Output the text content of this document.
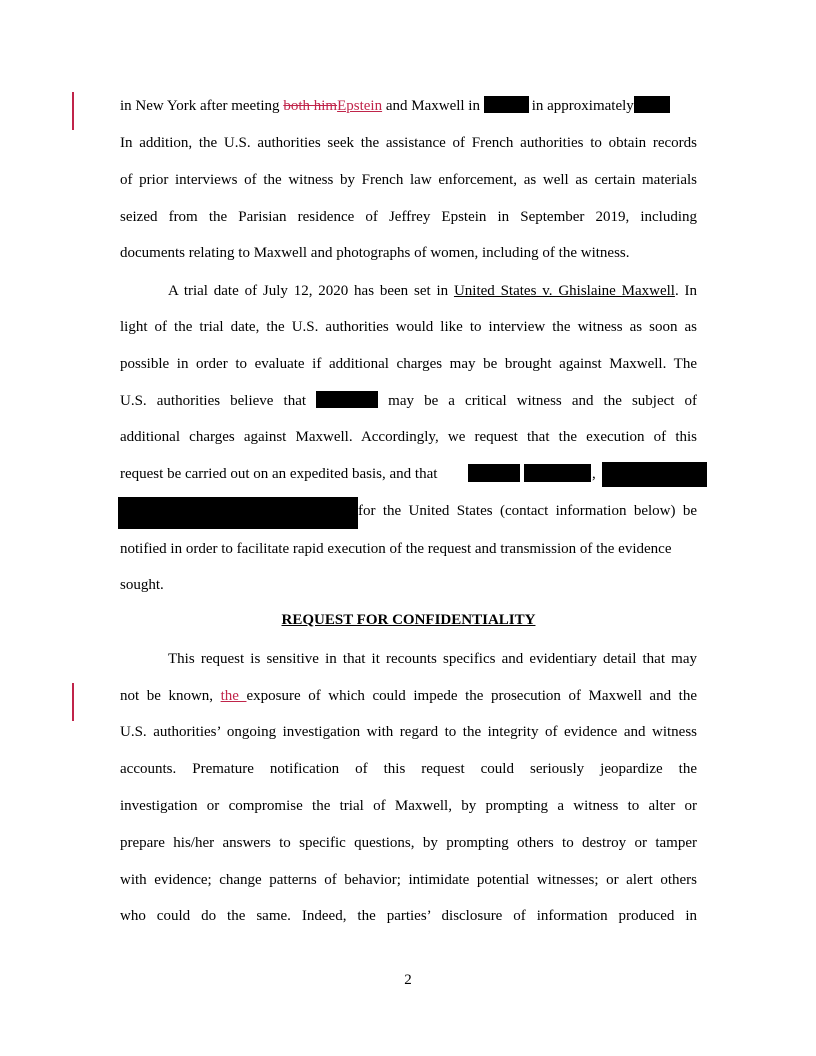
in New York after meeting both himEpstein and Maxwell in	in approximately
In addition, the U.S. authorities seek the assistance of French authorities to obtain records
of prior interviews of the witness by French law enforcement, as well as certain materials
seized from the Parisian residence of Jeffrey Epstein in September 2019, including
documents relating to Maxwell and photographs of women, including of the witness.
A trial date of July 12, 2020 has been set in United States v. Ghislaine Maxwell. In
light of the trial date, the U.S. authorities would like to interview the witness as soon as
possible in order to evaluate if additional charges may be brought against Maxwell. The
U.S. authorities believe that	may be a critical witness and the subject of
additional charges against Maxwell. Accordingly, we request that the execution of this
request be carried out on an expedited basis, and that	,
for the United States (contact information below) be
notified in order to facilitate rapid execution of the request and transmission of the evidence
sought.
REQUEST FOR CONFIDENTIALITY
This request is sensitive in that it recounts specifics and evidentiary detail that may
not be known, the exposure of which could impede the prosecution of Maxwell and the
U.S. authorities’ ongoing investigation with regard to the integrity of evidence and witness
accounts. Premature notification of this request could seriously jeopardize the
investigation or compromise the trial of Maxwell, by prompting a witness to alter or
prepare his/her answers to specific questions, by prompting others to destroy or tamper
with evidence; change patterns of behavior; intimidate potential witnesses; or alert others
who could do the same. Indeed, the parties’ disclosure of information produced in
2
